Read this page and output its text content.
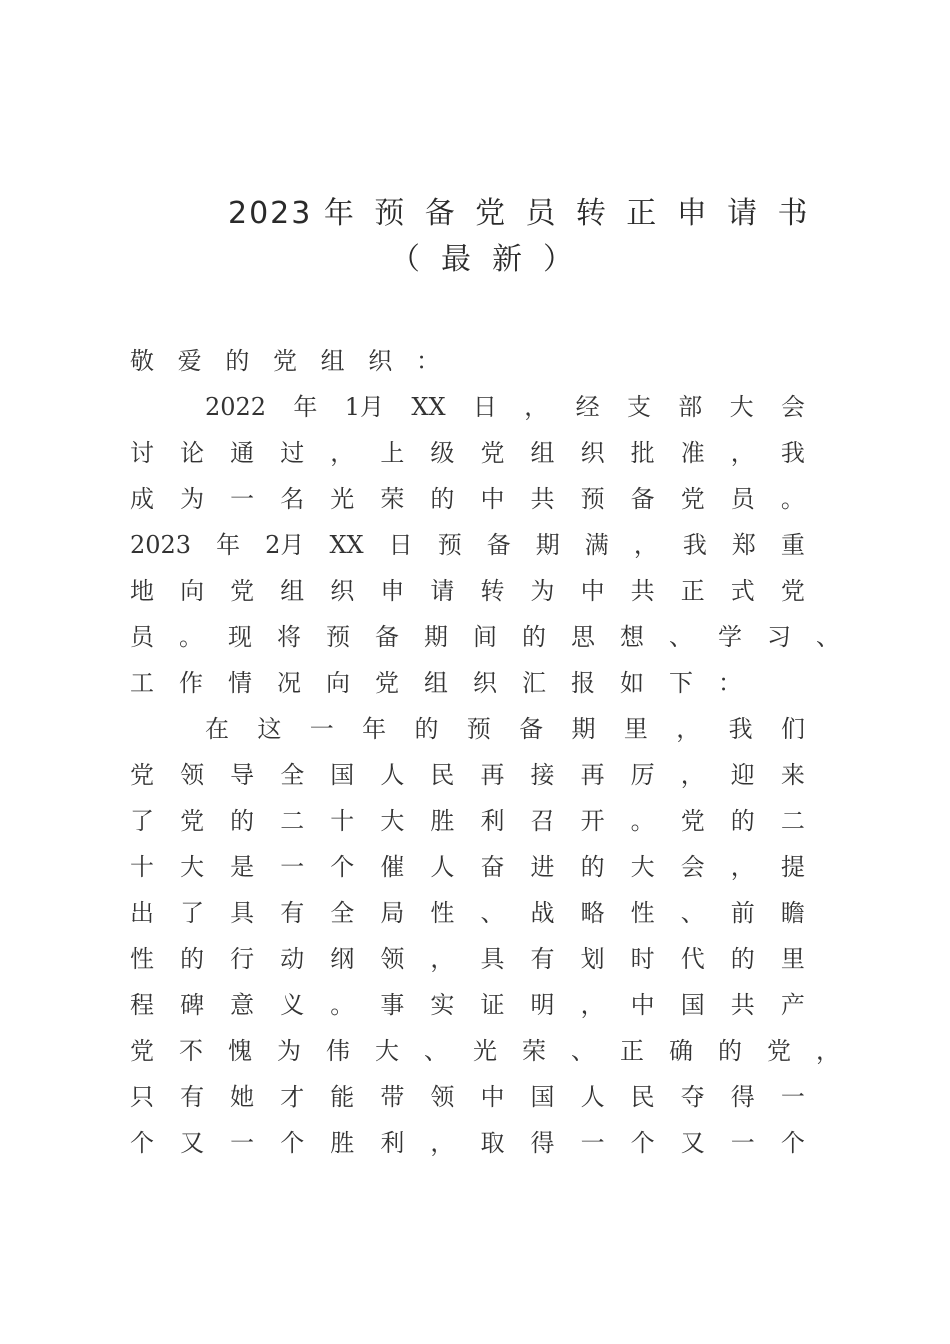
2023 年预备党员转正申请书
（最新）
敬 爱 的 党 组 织 ：
2022 年 1月 XX 日 ， 经 支 部 大 会
讨 论 通 过 ， 上 级 党 组 织 批 准 ， 我
成 为 一 名 光 荣 的 中 共 预 备 党 员 。
2023 年 2月 XX 日 预 备 期 满 ， 我 郑 重
地 向 党 组 织 申 请 转 为 中 共 正 式 党
员 。 现 将 预 备 期 间 的 思 想 、 学 习 、
工 作 情 况 向 党 组 织 汇 报 如 下 ：
在 这 一 年 的 预 备 期 里 ， 我 们
党 领 导 全 国 人 民 再 接 再 厉 ， 迎 来
了 党 的 二 十 大 胜 利 召 开 。 党 的 二
十 大 是 一 个 催 人 奋 进 的 大 会 ， 提
出 了 具 有 全 局 性 、 战 略 性 、 前 瞻
性 的 行 动 纲 领 ， 具 有 划 时 代 的 里
程 碑 意 义 。 事 实 证 明 ， 中 国 共 产
党 不 愧 为 伟 大 、 光 荣 、 正 确 的 党 ，
只 有 她 才 能 带 领 中 国 人 民 夺 得 一
个 又 一 个 胜 利 ， 取 得 一 个 又 一 个
